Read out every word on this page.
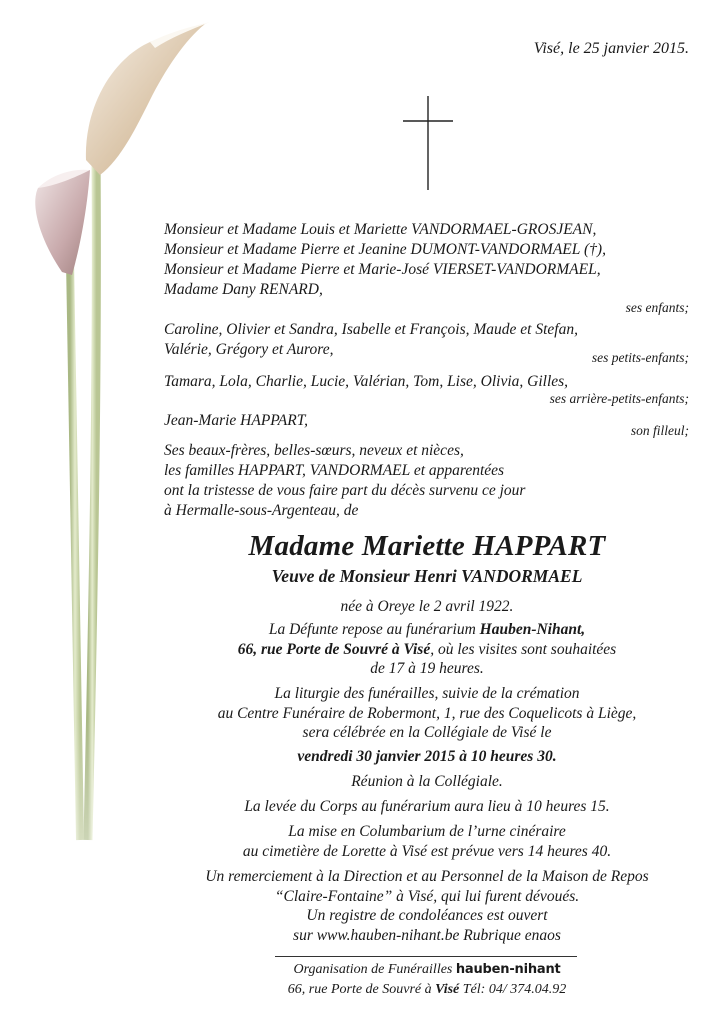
Visé, le 25 janvier 2015.
Monsieur et Madame Louis et Mariette VANDORMAEL-GROSJEAN,
Monsieur et Madame Pierre et Jeanine DUMONT-VANDORMAEL (†),
Monsieur et Madame Pierre et Marie-José VIERSET-VANDORMAEL,
Madame Dany RENARD,
ses enfants;
Caroline, Olivier et Sandra, Isabelle et François, Maude et Stefan,
Valérie, Grégory et Aurore,	ses petits-enfants;
Tamara, Lola, Charlie, Lucie, Valérian, Tom, Lise, Olivia, Gilles,
ses arrière-petits-enfants;
Jean-Marie HAPPART,
son filleul;
Ses beaux-frères, belles-sœurs, neveux et nièces,
les familles HAPPART, VANDORMAEL et apparentées
ont la tristesse de vous faire part du décès survenu ce jour
à Hermalle-sous-Argenteau, de
Madame Mariette HAPPART
Veuve de Monsieur Henri VANDORMAEL
née à Oreye le 2 avril 1922.
La Défunte repose au funérarium Hauben-Nihant,
66, rue Porte de Souvré à Visé, où les visites sont souhaitées
de 17 à 19 heures.
La liturgie des funérailles, suivie de la crémation
au Centre Funéraire de Robermont, 1, rue des Coquelicots à Liège,
sera célébrée en la Collégiale de Visé le
vendredi 30 janvier 2015 à 10 heures 30.
Réunion à la Collégiale.
La levée du Corps au funérarium aura lieu à 10 heures 15.
La mise en Columbarium de l’urne cinéraire
au cimetière de Lorette à Visé est prévue vers 14 heures 40.
Un remerciement à la Direction et au Personnel de la Maison de Repos
“Claire-Fontaine” à Visé, qui lui furent dévoués.
Un registre de condoléances est ouvert
sur www.hauben-nihant.be Rubrique enaos
Organisation de Funérailles hauben-nihant
66, rue Porte de Souvré à Visé Tél: 04/ 374.04.92
